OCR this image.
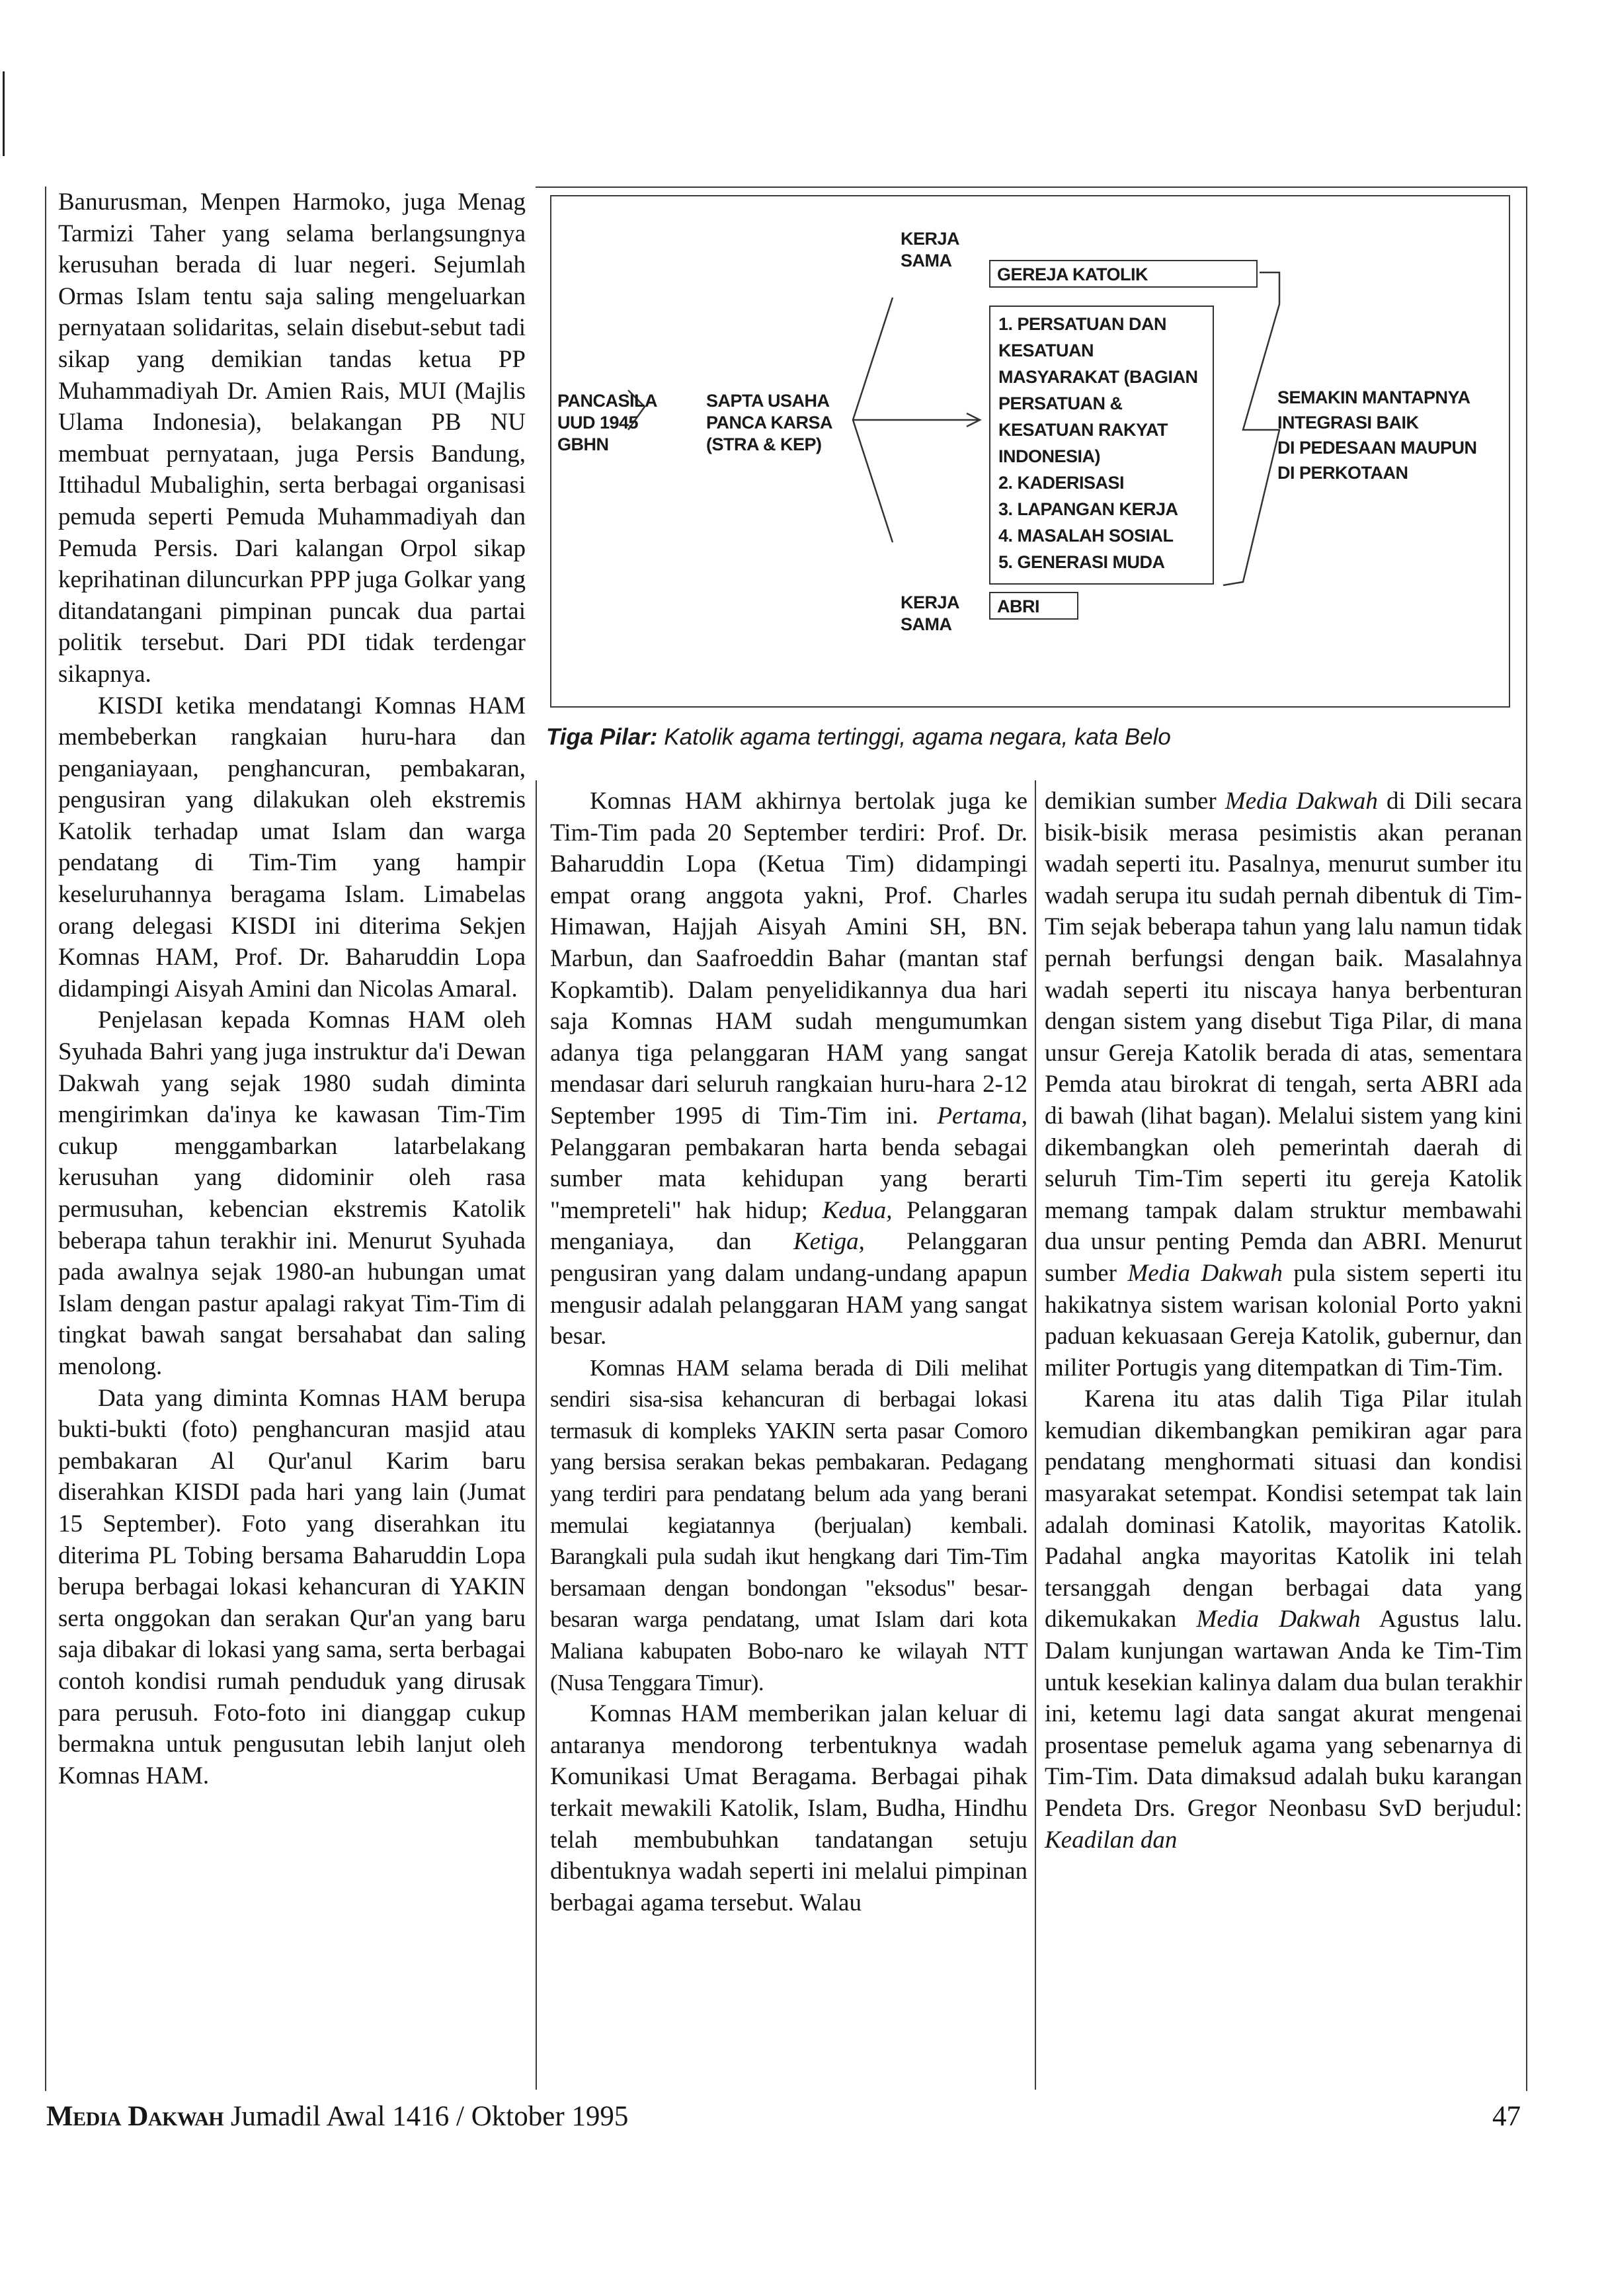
Banurusman, Menpen Harmoko, juga Menag Tarmizi Taher yang selama berlangsungnya kerusuhan berada di luar negeri. Sejumlah Ormas Islam tentu saja saling mengeluarkan pernyataan solidaritas, selain disebut-sebut tadi sikap yang demikian tandas ketua PP Muhammadiyah Dr. Amien Rais, MUI (Majlis Ulama Indonesia), belakangan PB NU membuat pernyataan, juga Persis Bandung, Ittihadul Mubalighin, serta berbagai organisasi pemuda seperti Pemuda Muhammadiyah dan Pemuda Persis. Dari kalangan Orpol sikap keprihatinan diluncurkan PPP juga Golkar yang ditandatangani pimpinan puncak dua partai politik tersebut. Dari PDI tidak terdengar sikapnya.

KISDI ketika mendatangi Komnas HAM membeberkan rangkaian huru-hara dan penganiayaan, penghancuran, pembakaran, pengusiran yang dilakukan oleh ekstremis Katolik terhadap umat Islam dan warga pendatang di Tim-Tim yang hampir keseluruhannya beragama Islam. Limabelas orang delegasi KISDI ini diterima Sekjen Komnas HAM, Prof. Dr. Baharuddin Lopa didampingi Aisyah Amini dan Nicolas Amaral.

Penjelasan kepada Komnas HAM oleh Syuhada Bahri yang juga instruktur da'i Dewan Dakwah yang sejak 1980 sudah diminta mengirimkan da'inya ke kawasan Tim-Tim cukup menggambarkan latarbelakang kerusuhan yang didominir oleh rasa permusuhan, kebencian ekstremis Katolik beberapa tahun terakhir ini. Menurut Syuhada pada awalnya sejak 1980-an hubungan umat Islam dengan pastur apalagi rakyat Tim-Tim di tingkat bawah sangat bersahabat dan saling menolong.

Data yang diminta Komnas HAM berupa bukti-bukti (foto) penghancuran masjid atau pembakaran Al Qur'anul Karim baru diserahkan KISDI pada hari yang lain (Jumat 15 September). Foto yang diserahkan itu diterima PL Tobing bersama Baharuddin Lopa berupa berbagai lokasi kehancuran di YAKIN serta onggokan dan serakan Qur'an yang baru saja dibakar di lokasi yang sama, serta berbagai contoh kondisi rumah penduduk yang dirusak para perusuh. Foto-foto ini dianggap cukup bermakna untuk pengusutan lebih lanjut oleh Komnas HAM.

PANCASILA
UUD 1945
GBHN
SAPTA USAHA
PANCA KARSA
(STRA & KEP)
KERJA
SAMA
KERJA
SAMA
GEREJA KATOLIK
1. PERSATUAN DAN
KESATUAN
MASYARAKAT (BAGIAN
PERSATUAN &
KESATUAN RAKYAT
INDONESIA)
2. KADERISASI
3. LAPANGAN KERJA
4. MASALAH SOSIAL
5. GENERASI MUDA
ABRI
SEMAKIN MANTAPNYA
INTEGRASI BAIK
DI PEDESAAN MAUPUN
DI PERKOTAAN
Tiga Pilar: Katolik agama tertinggi, agama negara, kata Belo

Komnas HAM akhirnya bertolak juga ke Tim-Tim pada 20 September terdiri: Prof. Dr. Baharuddin Lopa (Ketua Tim) didampingi empat orang anggota yakni, Prof. Charles Himawan, Hajjah Aisyah Amini SH, BN. Marbun, dan Saafroeddin Bahar (mantan staf Kopkamtib). Dalam penyelidikannya dua hari saja Komnas HAM sudah mengumumkan adanya tiga pelanggaran HAM yang sangat mendasar dari seluruh rangkaian huru-hara 2-12 September 1995 di Tim-Tim ini. Pertama, Pelanggaran pembakaran harta benda sebagai sumber mata kehidupan yang berarti "mempreteli" hak hidup; Kedua, Pelanggaran menganiaya, dan Ketiga, Pelanggaran pengusiran yang dalam undang-undang apapun mengusir adalah pelanggaran HAM yang sangat besar.

Komnas HAM selama berada di Dili melihat sendiri sisa-sisa kehancuran di berbagai lokasi termasuk di kompleks YAKIN serta pasar Comoro yang bersisa serakan bekas pembakaran. Pedagang yang terdiri para pendatang belum ada yang berani memulai kegiatannya (berjualan) kembali. Barangkali pula sudah ikut hengkang dari Tim-Tim bersamaan dengan bondongan "eksodus" besar-besaran warga pendatang, umat Islam dari kota Maliana kabupaten Bobo-naro ke wilayah NTT (Nusa Tenggara Timur).

Komnas HAM memberikan jalan keluar di antaranya mendorong terbentuknya wadah Komunikasi Umat Beragama. Berbagai pihak terkait mewakili Katolik, Islam, Budha, Hindhu telah membubuhkan tandatangan setuju dibentuknya wadah seperti ini melalui pimpinan berbagai agama tersebut. Walau

demikian sumber Media Dakwah di Dili secara bisik-bisik merasa pesimistis akan peranan wadah seperti itu. Pasalnya, menurut sumber itu wadah serupa itu sudah pernah dibentuk di Tim-Tim sejak beberapa tahun yang lalu namun tidak pernah berfungsi dengan baik. Masalahnya wadah seperti itu niscaya hanya berbenturan dengan sistem yang disebut Tiga Pilar, di mana unsur Gereja Katolik berada di atas, sementara Pemda atau birokrat di tengah, serta ABRI ada di bawah (lihat bagan). Melalui sistem yang kini dikembangkan oleh pemerintah daerah di seluruh Tim-Tim seperti itu gereja Katolik memang tampak dalam struktur membawahi dua unsur penting Pemda dan ABRI. Menurut sumber Media Dakwah pula sistem seperti itu hakikatnya sistem warisan kolonial Porto yakni paduan kekuasaan Gereja Katolik, gubernur, dan militer Portugis yang ditempatkan di Tim-Tim.

Karena itu atas dalih Tiga Pilar itulah kemudian dikembangkan pemikiran agar para pendatang menghormati situasi dan kondisi masyarakat setempat. Kondisi setempat tak lain adalah dominasi Katolik, mayoritas Katolik. Padahal angka mayoritas Katolik ini telah tersanggah dengan berbagai data yang dikemukakan Media Dakwah Agustus lalu. Dalam kunjungan wartawan Anda ke Tim-Tim untuk kesekian kalinya dalam dua bulan terakhir ini, ketemu lagi data sangat akurat mengenai prosentase pemeluk agama yang sebenarnya di Tim-Tim. Data dimaksud adalah buku karangan Pendeta Drs. Gregor Neonbasu SvD berjudul: Keadilan dan

Media Dakwah Jumadil Awal 1416 / Oktober 1995	47
